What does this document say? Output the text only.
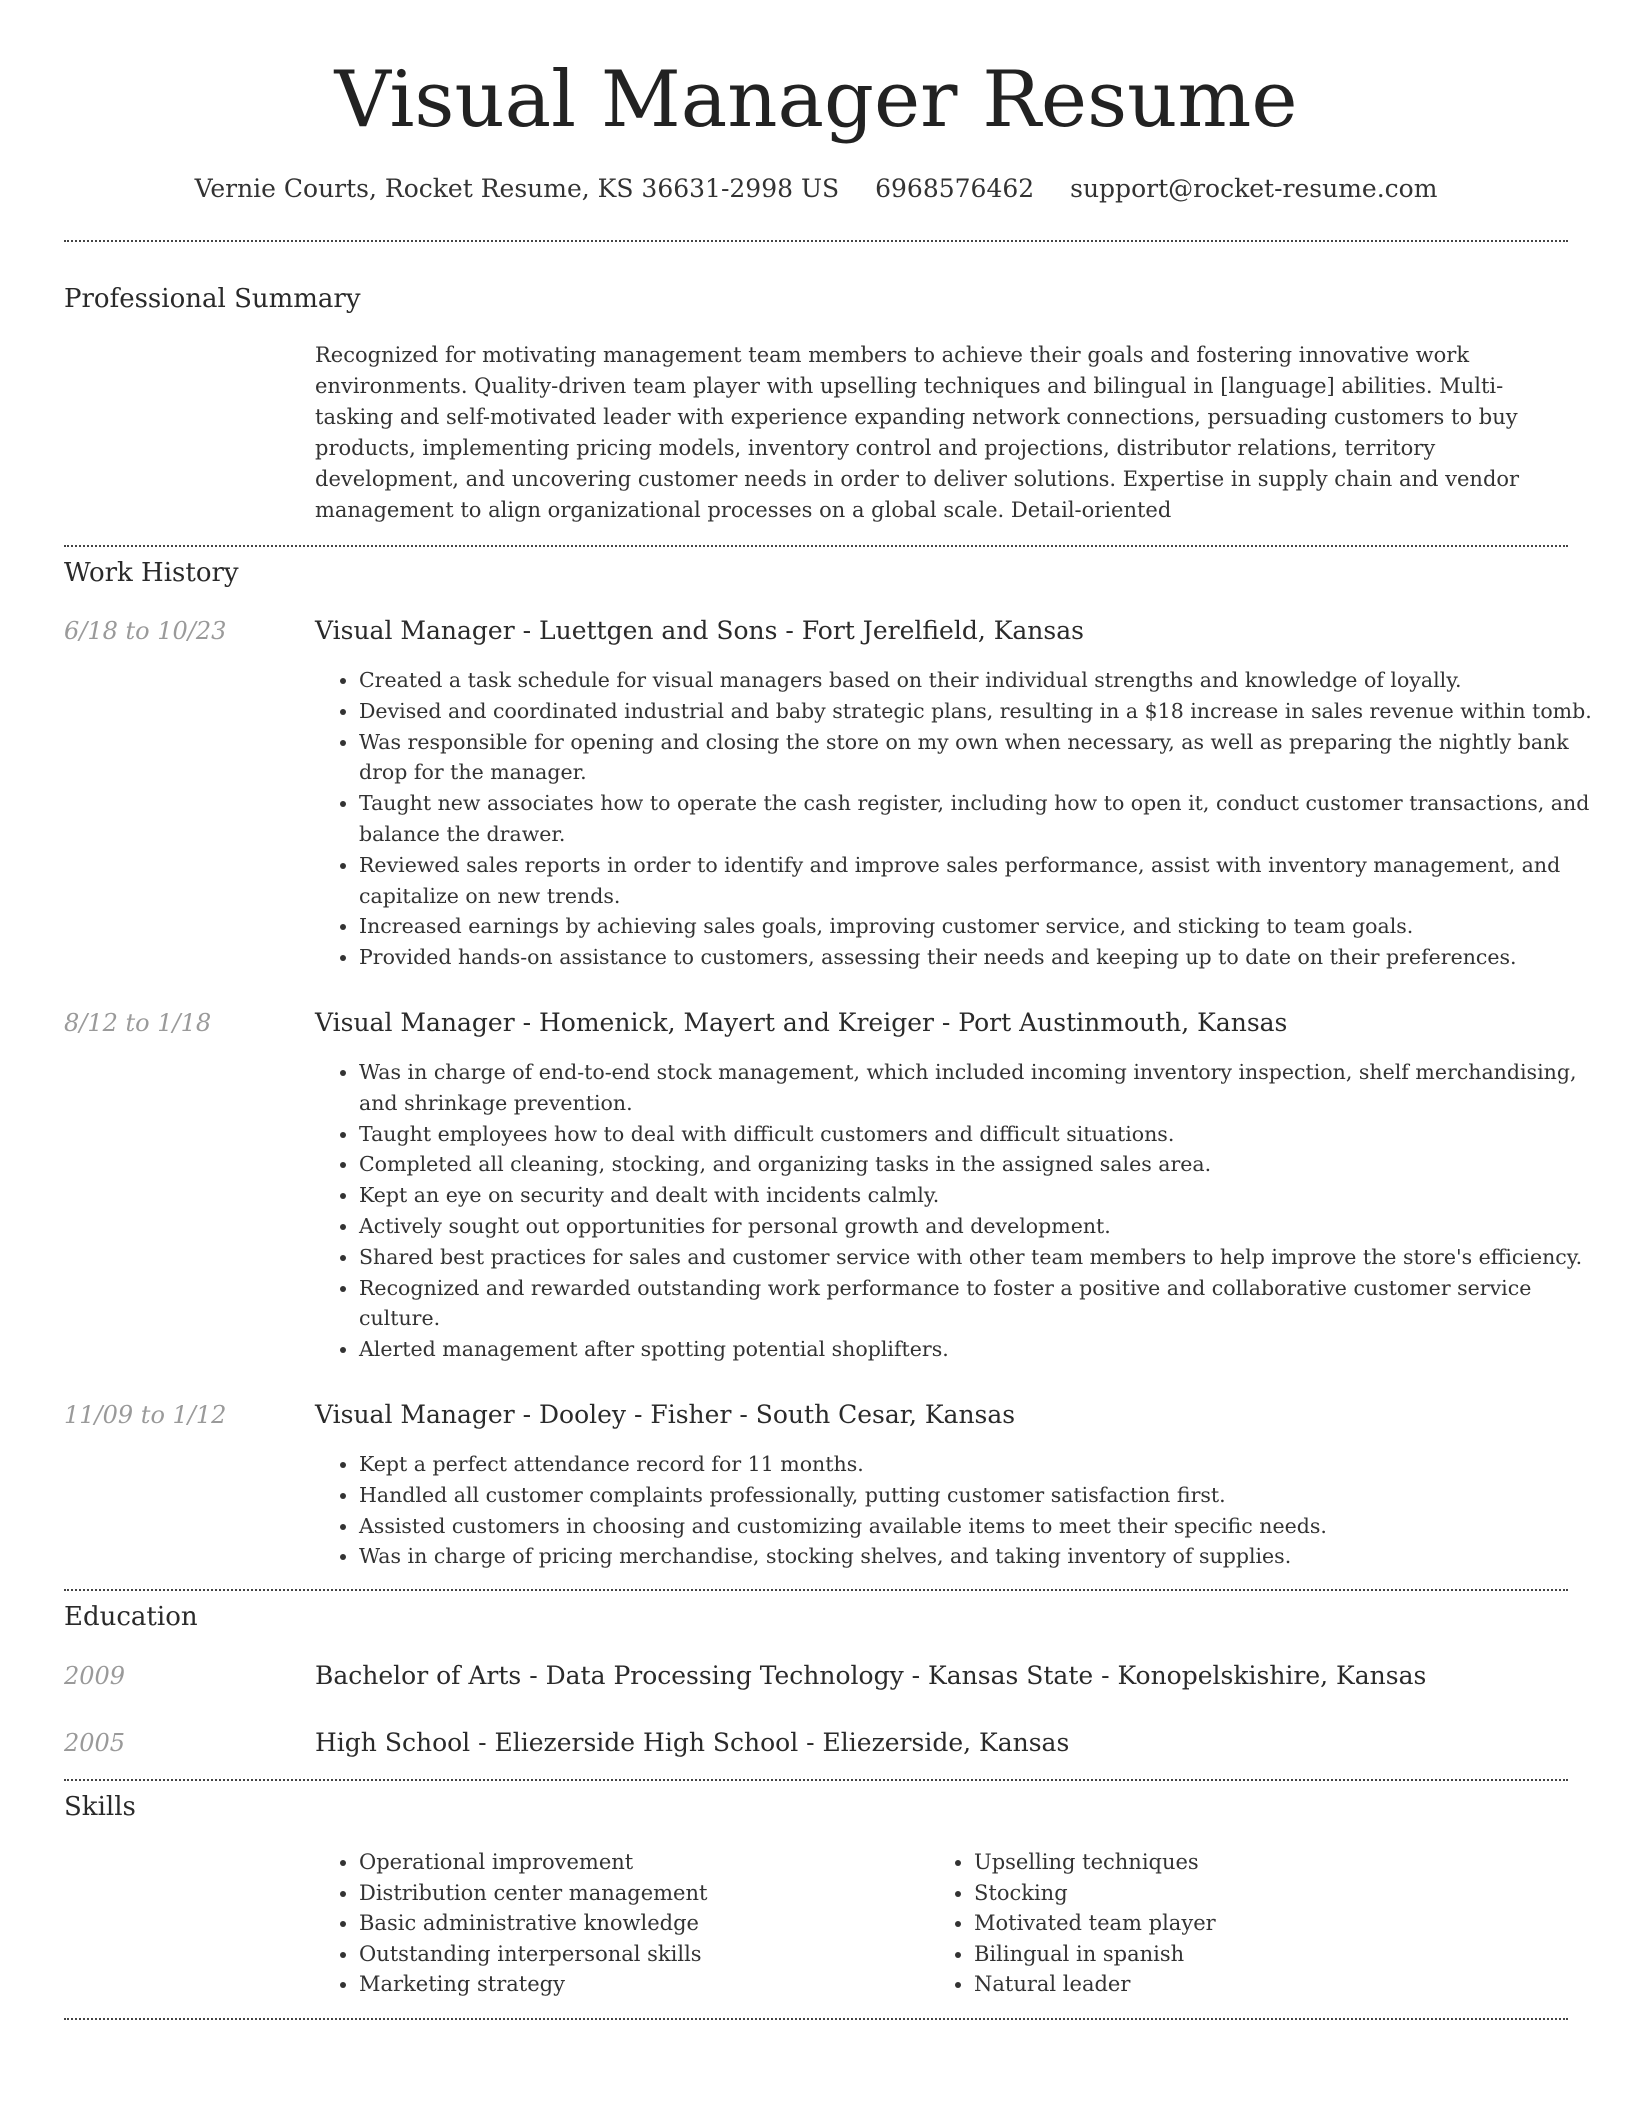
Visual Manager Resume
Vernie Courts, Rocket Resume, KS 36631-2998 US 6968576462 support@rocket-resume.com
Professional Summary

Recognized for motivating management team members to achieve their goals and fostering innovative work environments. Quality-driven team player with upselling techniques and bilingual in [language] abilities. Multi-tasking and self-motivated leader with experience expanding network connections, persuading customers to buy products, implementing pricing models, inventory control and projections, distributor relations, territory development, and uncovering customer needs in order to deliver solutions. Expertise in supply chain and vendor management to align organizational processes on a global scale. Detail-oriented

Work History
6/18 to 10/23	Visual Manager - Luettgen and Sons - Fort Jerelfield, Kansas
• Created a task schedule for visual managers based on their individual strengths and knowledge of loyally.
• Devised and coordinated industrial and baby strategic plans, resulting in a $18 increase in sales revenue within tomb.
• Was responsible for opening and closing the store on my own when necessary, as well as preparing the nightly bank drop for the manager.
• Taught new associates how to operate the cash register, including how to open it, conduct customer transactions, and balance the drawer.
• Reviewed sales reports in order to identify and improve sales performance, assist with inventory management, and capitalize on new trends.
• Increased earnings by achieving sales goals, improving customer service, and sticking to team goals.
• Provided hands-on assistance to customers, assessing their needs and keeping up to date on their preferences.
8/12 to 1/18	Visual Manager - Homenick, Mayert and Kreiger - Port Austinmouth, Kansas
• Was in charge of end-to-end stock management, which included incoming inventory inspection, shelf merchandising, and shrinkage prevention.
• Taught employees how to deal with difficult customers and difficult situations.
• Completed all cleaning, stocking, and organizing tasks in the assigned sales area.
• Kept an eye on security and dealt with incidents calmly.
• Actively sought out opportunities for personal growth and development.
• Shared best practices for sales and customer service with other team members to help improve the store's efficiency.
• Recognized and rewarded outstanding work performance to foster a positive and collaborative customer service culture.
• Alerted management after spotting potential shoplifters.
11/09 to 1/12	Visual Manager - Dooley - Fisher - South Cesar, Kansas
• Kept a perfect attendance record for 11 months.
• Handled all customer complaints professionally, putting customer satisfaction first.
• Assisted customers in choosing and customizing available items to meet their specific needs.
• Was in charge of pricing merchandise, stocking shelves, and taking inventory of supplies.
Education
2009	Bachelor of Arts - Data Processing Technology - Kansas State - Konopelskishire, Kansas
2005	High School - Eliezerside High School - Eliezerside, Kansas
Skills
• Operational improvement
• Distribution center management
• Basic administrative knowledge
• Outstanding interpersonal skills
• Marketing strategy
• Upselling techniques
• Stocking
• Motivated team player
• Bilingual in spanish
• Natural leader
